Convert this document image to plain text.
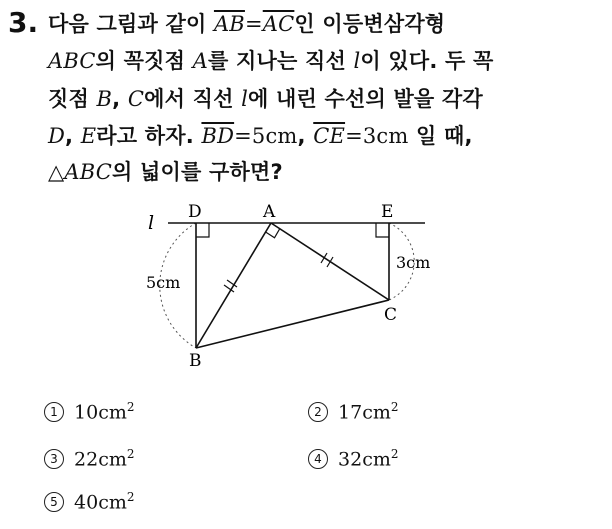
3. 다음 그림과 같이 $\overline{AB}=\overline{AC}$인 이등변삼각형
ABC의 꼭짓점 A를 지나는 직선 l이 있다. 두 꼭
짓점 B, C에서 직선 l에 내린 수선의 발을 각각
D, E라고 하자. $\overline{BD}=5cm$, $\overline{CE}=3cm$ 일 때,
△ABC의 넓이를 구하면?
l D	A	E
B
C
5cm
3cm
1 $10cm^2$	2 $17cm^2$
3 $22cm^2$	4 $32cm^2$
5 $40cm^2$
